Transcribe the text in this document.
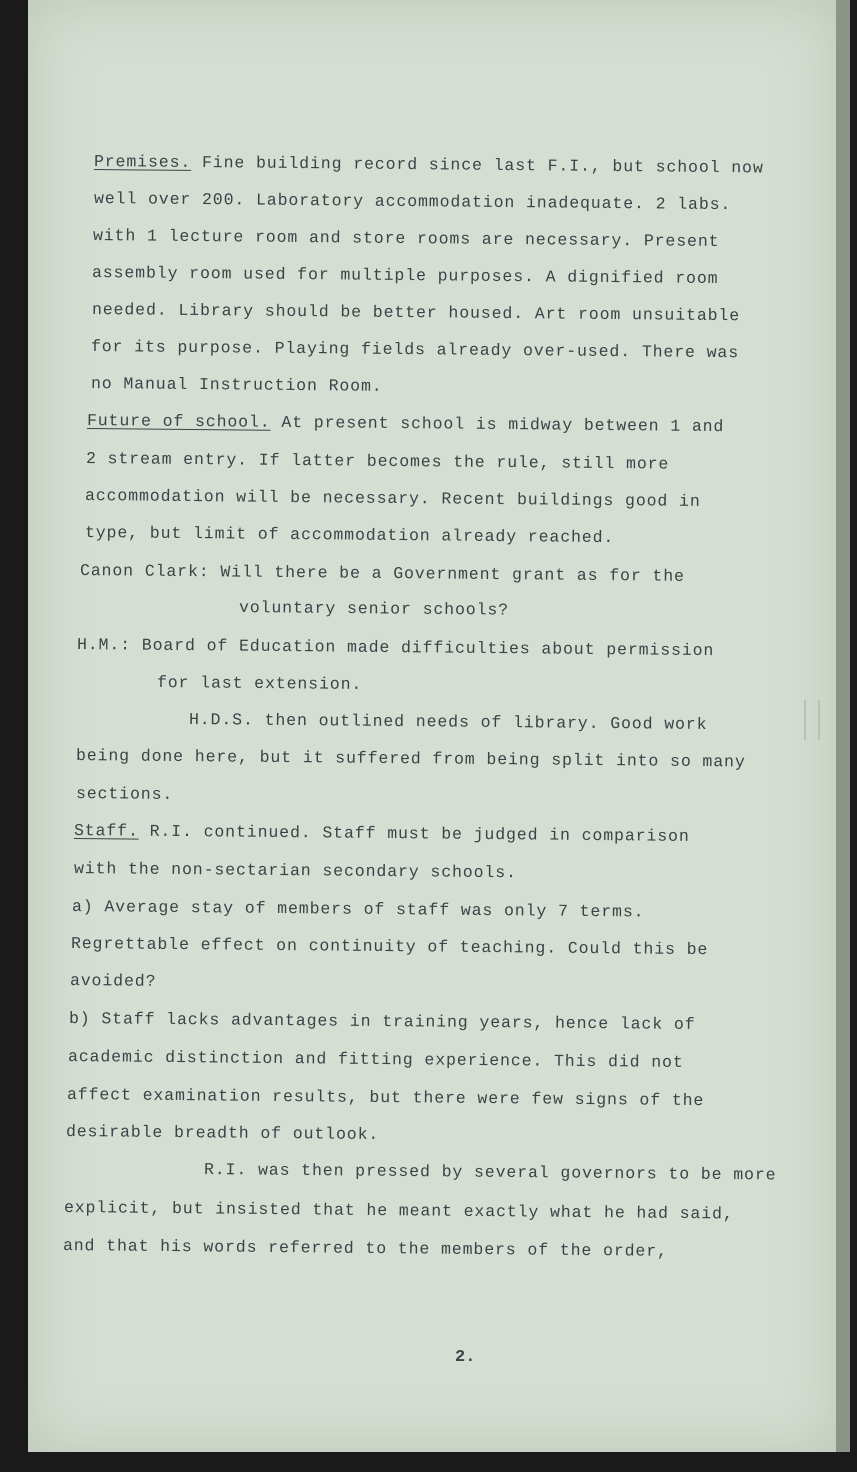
Premises. Fine building record since last F.I., but school now
well over 200. Laboratory accommodation inadequate. 2 labs.
with 1 lecture room and store rooms are necessary. Present
assembly room used for multiple purposes. A dignified room
needed. Library should be better housed. Art room unsuitable
for its purpose. Playing fields already over-used. There was
no Manual Instruction Room.
Future of school. At present school is midway between 1 and
2 stream entry. If latter becomes the rule, still more
accommodation will be necessary. Recent buildings good in
type, but limit of accommodation already reached.
Canon Clark: Will there be a Government grant as for the
voluntary senior schools?
H.M.: Board of Education made difficulties about permission
for last extension.
H.D.S. then outlined needs of library. Good work
being done here, but it suffered from being split into so many
sections.
Staff. R.I. continued. Staff must be judged in comparison
with the non-sectarian secondary schools.
a) Average stay of members of staff was only 7 terms.
Regrettable effect on continuity of teaching. Could this be
avoided?
b) Staff lacks advantages in training years, hence lack of
academic distinction and fitting experience. This did not
affect examination results, but there were few signs of the
desirable breadth of outlook.
R.I. was then pressed by several governors to be more
explicit, but insisted that he meant exactly what he had said,
and that his words referred to the members of the order,
2.
